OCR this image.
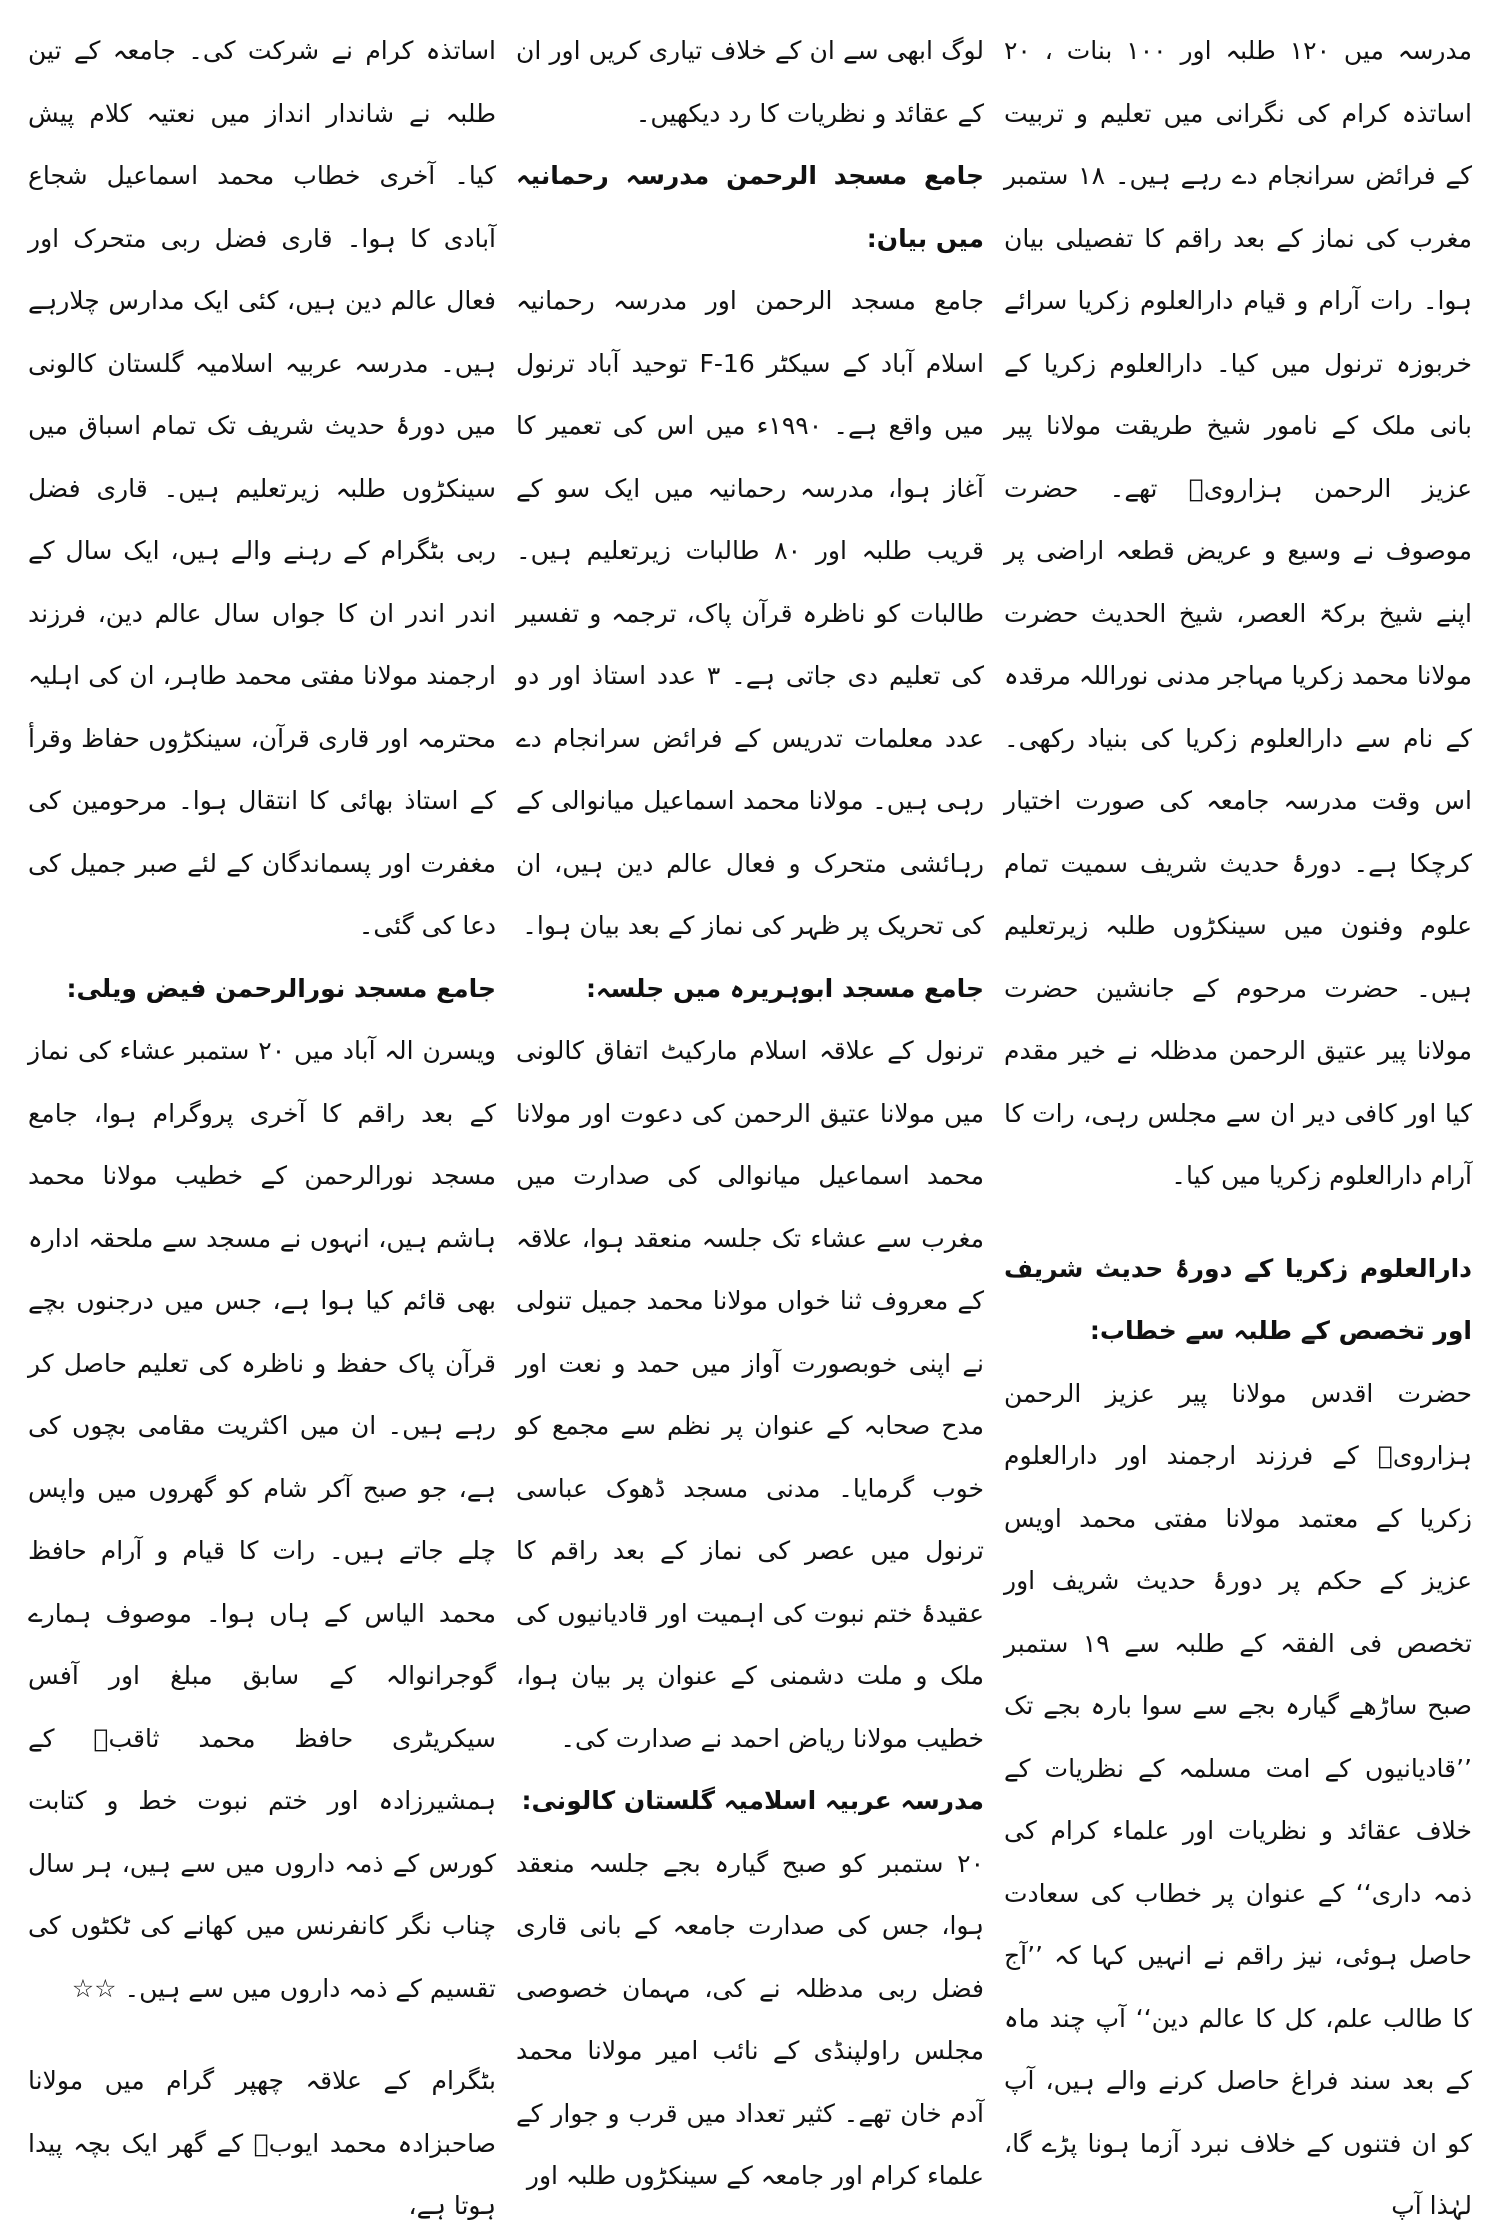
مدرسہ میں ۱۲۰ طلبہ اور ۱۰۰ بنات ، ۲۰ اساتذہ کرام کی نگرانی میں تعلیم و تربیت کے فرائض سرانجام دے رہے ہیں۔ ۱۸ ستمبر مغرب کی نماز کے بعد راقم کا تفصیلی بیان ہوا۔ رات آرام و قیام دارالعلوم زکریا سرائے خربوزہ ترنول میں کیا۔ دارالعلوم زکریا کے بانی ملک کے نامور شیخ طریقت مولانا پیر عزیز الرحمن ہزارویؒ تھے۔ حضرت موصوف نے وسیع و عریض قطعہ اراضی پر اپنے شیخ برکۃ العصر، شیخ الحدیث حضرت مولانا محمد زکریا مہاجر مدنی نوراللہ مرقدہ کے نام سے دارالعلوم زکریا کی بنیاد رکھی۔ اس وقت مدرسہ جامعہ کی صورت اختیار کرچکا ہے۔ دورۂ حدیث شریف سمیت تمام علوم وفنون میں سینکڑوں طلبہ زیرتعلیم ہیں۔ حضرت مرحوم کے جانشین حضرت مولانا پیر عتیق الرحمن مدظلہ نے خیر مقدم کیا اور کافی دیر ان سے مجلس رہی، رات کا آرام دارالعلوم زکریا میں کیا۔

دارالعلوم زکریا کے دورۂ حدیث شریف اور تخصص کے طلبہ سے خطاب:

حضرت اقدس مولانا پیر عزیز الرحمن ہزارویؒ کے فرزند ارجمند اور دارالعلوم زکریا کے معتمد مولانا مفتی محمد اویس عزیز کے حکم پر دورۂ حدیث شریف اور تخصص فی الفقہ کے طلبہ سے ۱۹ ستمبر صبح ساڑھے گیارہ بجے سے سوا بارہ بجے تک ’’قادیانیوں کے امت مسلمہ کے نظریات کے خلاف عقائد و نظریات اور علماء کرام کی ذمہ داری‘‘ کے عنوان پر خطاب کی سعادت حاصل ہوئی، نیز راقم نے انہیں کہا کہ ’’آج کا طالب علم، کل کا عالم دین‘‘ آپ چند ماہ کے بعد سند فراغ حاصل کرنے والے ہیں، آپ کو ان فتنوں کے خلاف نبرد آزما ہونا پڑے گا، لہٰذا آپ

لوگ ابھی سے ان کے خلاف تیاری کریں اور ان کے عقائد و نظریات کا رد دیکھیں۔

جامع مسجد الرحمن مدرسہ رحمانیہ میں بیان:

جامع مسجد الرحمن اور مدرسہ رحمانیہ اسلام آباد کے سیکٹر F-16 توحید آباد ترنول میں واقع ہے۔ ۱۹۹۰ء میں اس کی تعمیر کا آغاز ہوا، مدرسہ رحمانیہ میں ایک سو کے قریب طلبہ اور ۸۰ طالبات زیرتعلیم ہیں۔ طالبات کو ناظرہ قرآن پاک، ترجمہ و تفسیر کی تعلیم دی جاتی ہے۔ ۳ عدد استاذ اور دو عدد معلمات تدریس کے فرائض سرانجام دے رہی ہیں۔ مولانا محمد اسماعیل میانوالی کے رہائشی متحرک و فعال عالم دین ہیں، ان کی تحریک پر ظہر کی نماز کے بعد بیان ہوا۔

جامع مسجد ابوہریرہ میں جلسہ:

ترنول کے علاقہ اسلام مارکیٹ اتفاق کالونی میں مولانا عتیق الرحمن کی دعوت اور مولانا محمد اسماعیل میانوالی کی صدارت میں مغرب سے عشاء تک جلسہ منعقد ہوا، علاقہ کے معروف ثنا خواں مولانا محمد جمیل تنولی نے اپنی خوبصورت آواز میں حمد و نعت اور مدح صحابہ کے عنوان پر نظم سے مجمع کو خوب گرمایا۔ مدنی مسجد ڈھوک عباسی ترنول میں عصر کی نماز کے بعد راقم کا عقیدۂ ختم نبوت کی اہمیت اور قادیانیوں کی ملک و ملت دشمنی کے عنوان پر بیان ہوا، خطیب مولانا ریاض احمد نے صدارت کی۔

مدرسہ عربیہ اسلامیہ گلستان کالونی:

۲۰ ستمبر کو صبح گیارہ بجے جلسہ منعقد ہوا، جس کی صدارت جامعہ کے بانی قاری فضل ربی مدظلہ نے کی، مہمان خصوصی مجلس راولپنڈی کے نائب امیر مولانا محمد آدم خان تھے۔ کثیر تعداد میں قرب و جوار کے علماء کرام اور جامعہ کے سینکڑوں طلبہ اور

اساتذہ کرام نے شرکت کی۔ جامعہ کے تین طلبہ نے شاندار انداز میں نعتیہ کلام پیش کیا۔ آخری خطاب محمد اسماعیل شجاع آبادی کا ہوا۔ قاری فضل ربی متحرک اور فعال عالم دین ہیں، کئی ایک مدارس چلارہے ہیں۔ مدرسہ عربیہ اسلامیہ گلستان کالونی میں دورۂ حدیث شریف تک تمام اسباق میں سینکڑوں طلبہ زیرتعلیم ہیں۔ قاری فضل ربی بٹگرام کے رہنے والے ہیں، ایک سال کے اندر اندر ان کا جواں سال عالم دین، فرزند ارجمند مولانا مفتی محمد طاہر، ان کی اہلیہ محترمہ اور قاری قرآن، سینکڑوں حفاظ وقرأ کے استاذ بھائی کا انتقال ہوا۔ مرحومین کی مغفرت اور پسماندگان کے لئے صبر جمیل کی دعا کی گئی۔

جامع مسجد نورالرحمن فیض ویلی:

ویسرن الہ آباد میں ۲۰ ستمبر عشاء کی نماز کے بعد راقم کا آخری پروگرام ہوا، جامع مسجد نورالرحمن کے خطیب مولانا محمد ہاشم ہیں، انہوں نے مسجد سے ملحقہ ادارہ بھی قائم کیا ہوا ہے، جس میں درجنوں بچے قرآن پاک حفظ و ناظرہ کی تعلیم حاصل کر رہے ہیں۔ ان میں اکثریت مقامی بچوں کی ہے، جو صبح آکر شام کو گھروں میں واپس چلے جاتے ہیں۔ رات کا قیام و آرام حافظ محمد الیاس کے ہاں ہوا۔ موصوف ہمارے گوجرانوالہ کے سابق مبلغ اور آفس سیکریٹری حافظ محمد ثاقبؒ کے ہمشیرزادہ اور ختم نبوت خط و کتابت کورس کے ذمہ داروں میں سے ہیں، ہر سال چناب نگر کانفرنس میں کھانے کی ٹکٹوں کی تقسیم کے ذمہ داروں میں سے ہیں۔ ☆☆

بٹگرام کے علاقہ چھپر گرام میں مولانا صاحبزادہ محمد ایوبؒ کے گھر ایک بچہ پیدا ہوتا ہے،
